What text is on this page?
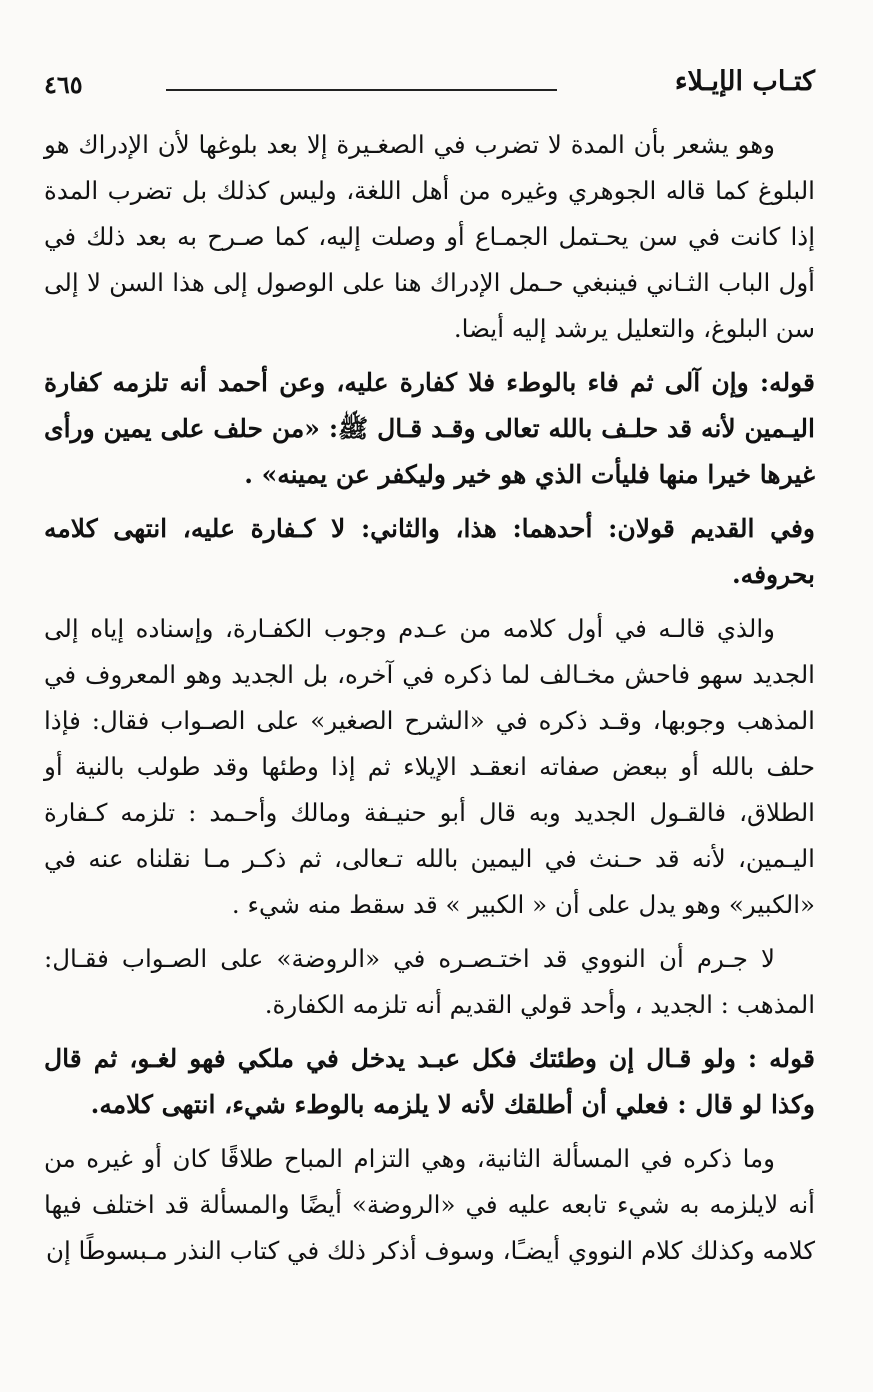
كتـاب الإيـلاء
٤٦٥

وهو يشعر بأن المدة لا تضرب في الصغـيرة إلا بعد بلوغها لأن الإدراك هو البلوغ كما قاله الجوهري وغيره من أهل اللغة، وليس كذلك بل تضرب المدة إذا كانت في سن يحـتمل الجمـاع أو وصلت إليه، كما صـرح به بعد ذلك في أول الباب الثـاني فينبغي حـمل الإدراك هنا على الوصول إلى هذا السن لا إلى سن البلوغ، والتعليل يرشد إليه أيضا.

قوله: وإن آلى ثم فاء بالوطء فلا كفارة عليه، وعن أحمد أنه تلزمه كفارة اليـمين لأنه قد حلـف بالله تعالى وقـد قـال ﷺ: «من حلف على يمين ورأى غيرها خيرا منها فليأت الذي هو خير وليكفر عن يمينه» .

وفي القديم قولان: أحدهما: هذا، والثاني: لا كـفارة عليه، انتهى كلامه بحروفه.

والذي قالـه في أول كلامه من عـدم وجوب الكفـارة، وإسناده إياه إلى الجديد سهو فاحش مخـالف لما ذكره في آخره، بل الجديد وهو المعروف في المذهب وجوبها، وقـد ذكره في «الشرح الصغير» على الصـواب فقال: فإذا حلف بالله أو ببعض صفاته انعقـد الإيلاء ثم إذا وطئها وقد طولب بالنية أو الطلاق، فالقـول الجديد وبه قال أبو حنيـفة ومالك وأحـمد : تلزمه كـفارة اليـمين، لأنه قد حـنث في اليمين بالله تـعالى، ثم ذكـر مـا نقلناه عنه في «الكبير» وهو يدل على أن « الكبير » قد سقط منه شيء .

لا جـرم أن النووي قد اختـصـره في «الروضة» على الصـواب فقـال: المذهب : الجديد ، وأحد قولي القديم أنه تلزمه الكفارة.

قوله : ولو قـال إن وطئتك فكل عبـد يدخل في ملكي فهو لغـو، ثم قال وكذا لو قال : فعلي أن أطلقك لأنه لا يلزمه بالوطء شيء، انتهى كلامه.

وما ذكره في المسألة الثانية، وهي التزام المباح طلاقًا كان أو غيره من أنه لايلزمه به شيء تابعه عليه في «الروضة» أيضًا والمسألة قد اختلف فيها كلامه وكذلك كلام النووي أيضـًا، وسوف أذكر ذلك في كتاب النذر مـبسوطًا إن
